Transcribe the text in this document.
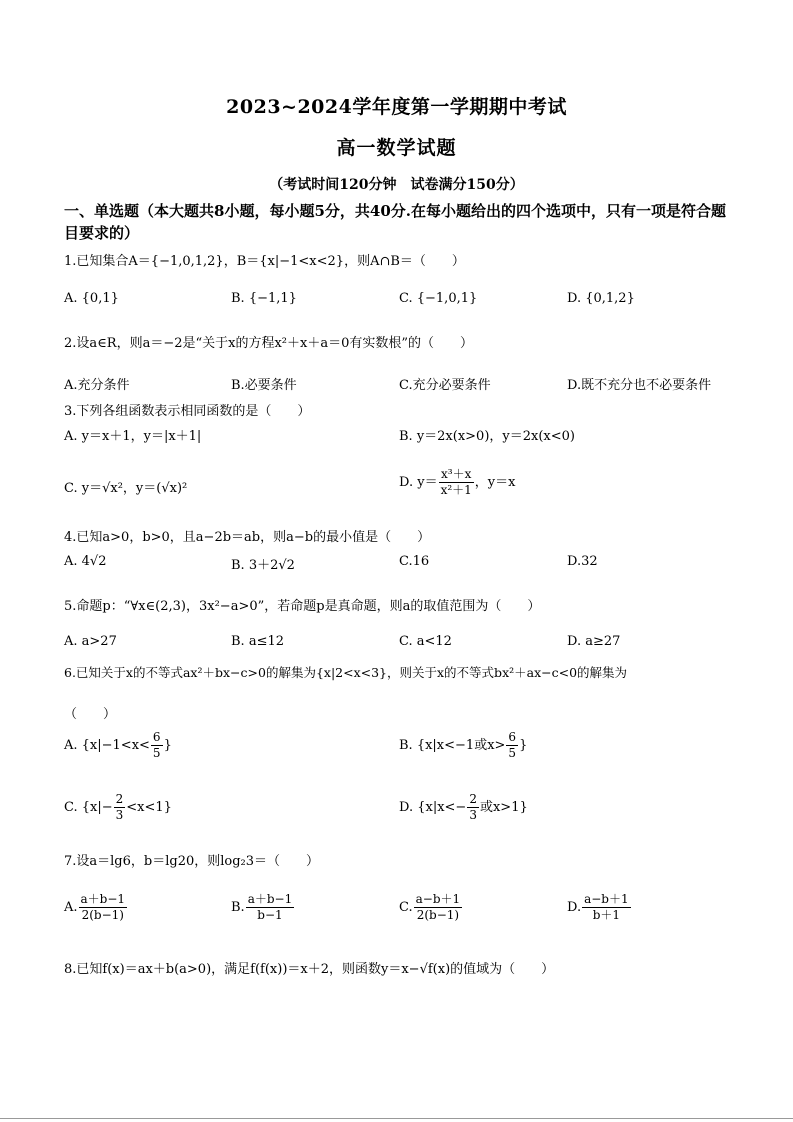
2023~2024学年度第一学期期中考试
高一数学试题
（考试时间120分钟　试卷满分150分）
一、单选题（本大题共8小题，每小题5分，共40分.在每小题给出的四个选项中，只有一项是符合题目要求的）
1.已知集合A＝{−1,0,1,2}，B＝{x|−1<x<2}，则A∩B＝（　　）
A. {0,1}	B. {−1,1}	C. {−1,0,1}	D. {0,1,2}
2.设a∈R，则a＝−2是“关于x的方程x²＋x＋a＝0有实数根”的（　　）
A.充分条件	B.必要条件	C.充分必要条件	D.既不充分也不必要条件
3.下列各组函数表示相同函数的是（　　）
A. y＝x＋1，y＝|x＋1|	B. y＝2x(x>0)，y＝2x(x<0)
C. y＝√x²，y＝(√x)²	D. $y= \frac{\text{x³＋x}}{\text{x²＋1}}$ ，y＝x
4.已知a>0，b>0，且a−2b＝ab，则a−b的最小值是（　　）
A. 4√2	B. 3＋2√2	C.16	D.32
5.命题p：“∀x∈(2,3)，3x²−a>0”，若命题p是真命题，则a的取值范围为（　　）
A. a>27	B. a≤12	C. a<12	D. a≥27
6.已知关于x的不等式ax²＋bx−c>0的解集为{x|2<x<3}，则关于x的不等式bx²＋ax−c<0的解集为
（　　）
A. {$x|-1<x< \frac{6}{5}$ }	B. {x|x<−1或$x> \frac{6}{5}$ }
C. $\{x|- \frac{2}{3} <x<1\}$	D. {$x|x<- \frac{2}{3}$ 或x>1}
7.设a＝lg6，b＝lg20，则log₂3＝（　　）
A. $\frac{a+b-1}{2(b-1)}$	B. $\frac{a+b-1}{b-1}$	C. $\frac{a-b+1}{2(b-1)}$	D. $\frac{a-b+1}{b+1}$
8.已知f(x)＝ax＋b(a>0)，满足f(f(x))＝x＋2，则函数y＝x−√f(x)的值域为（　　）
